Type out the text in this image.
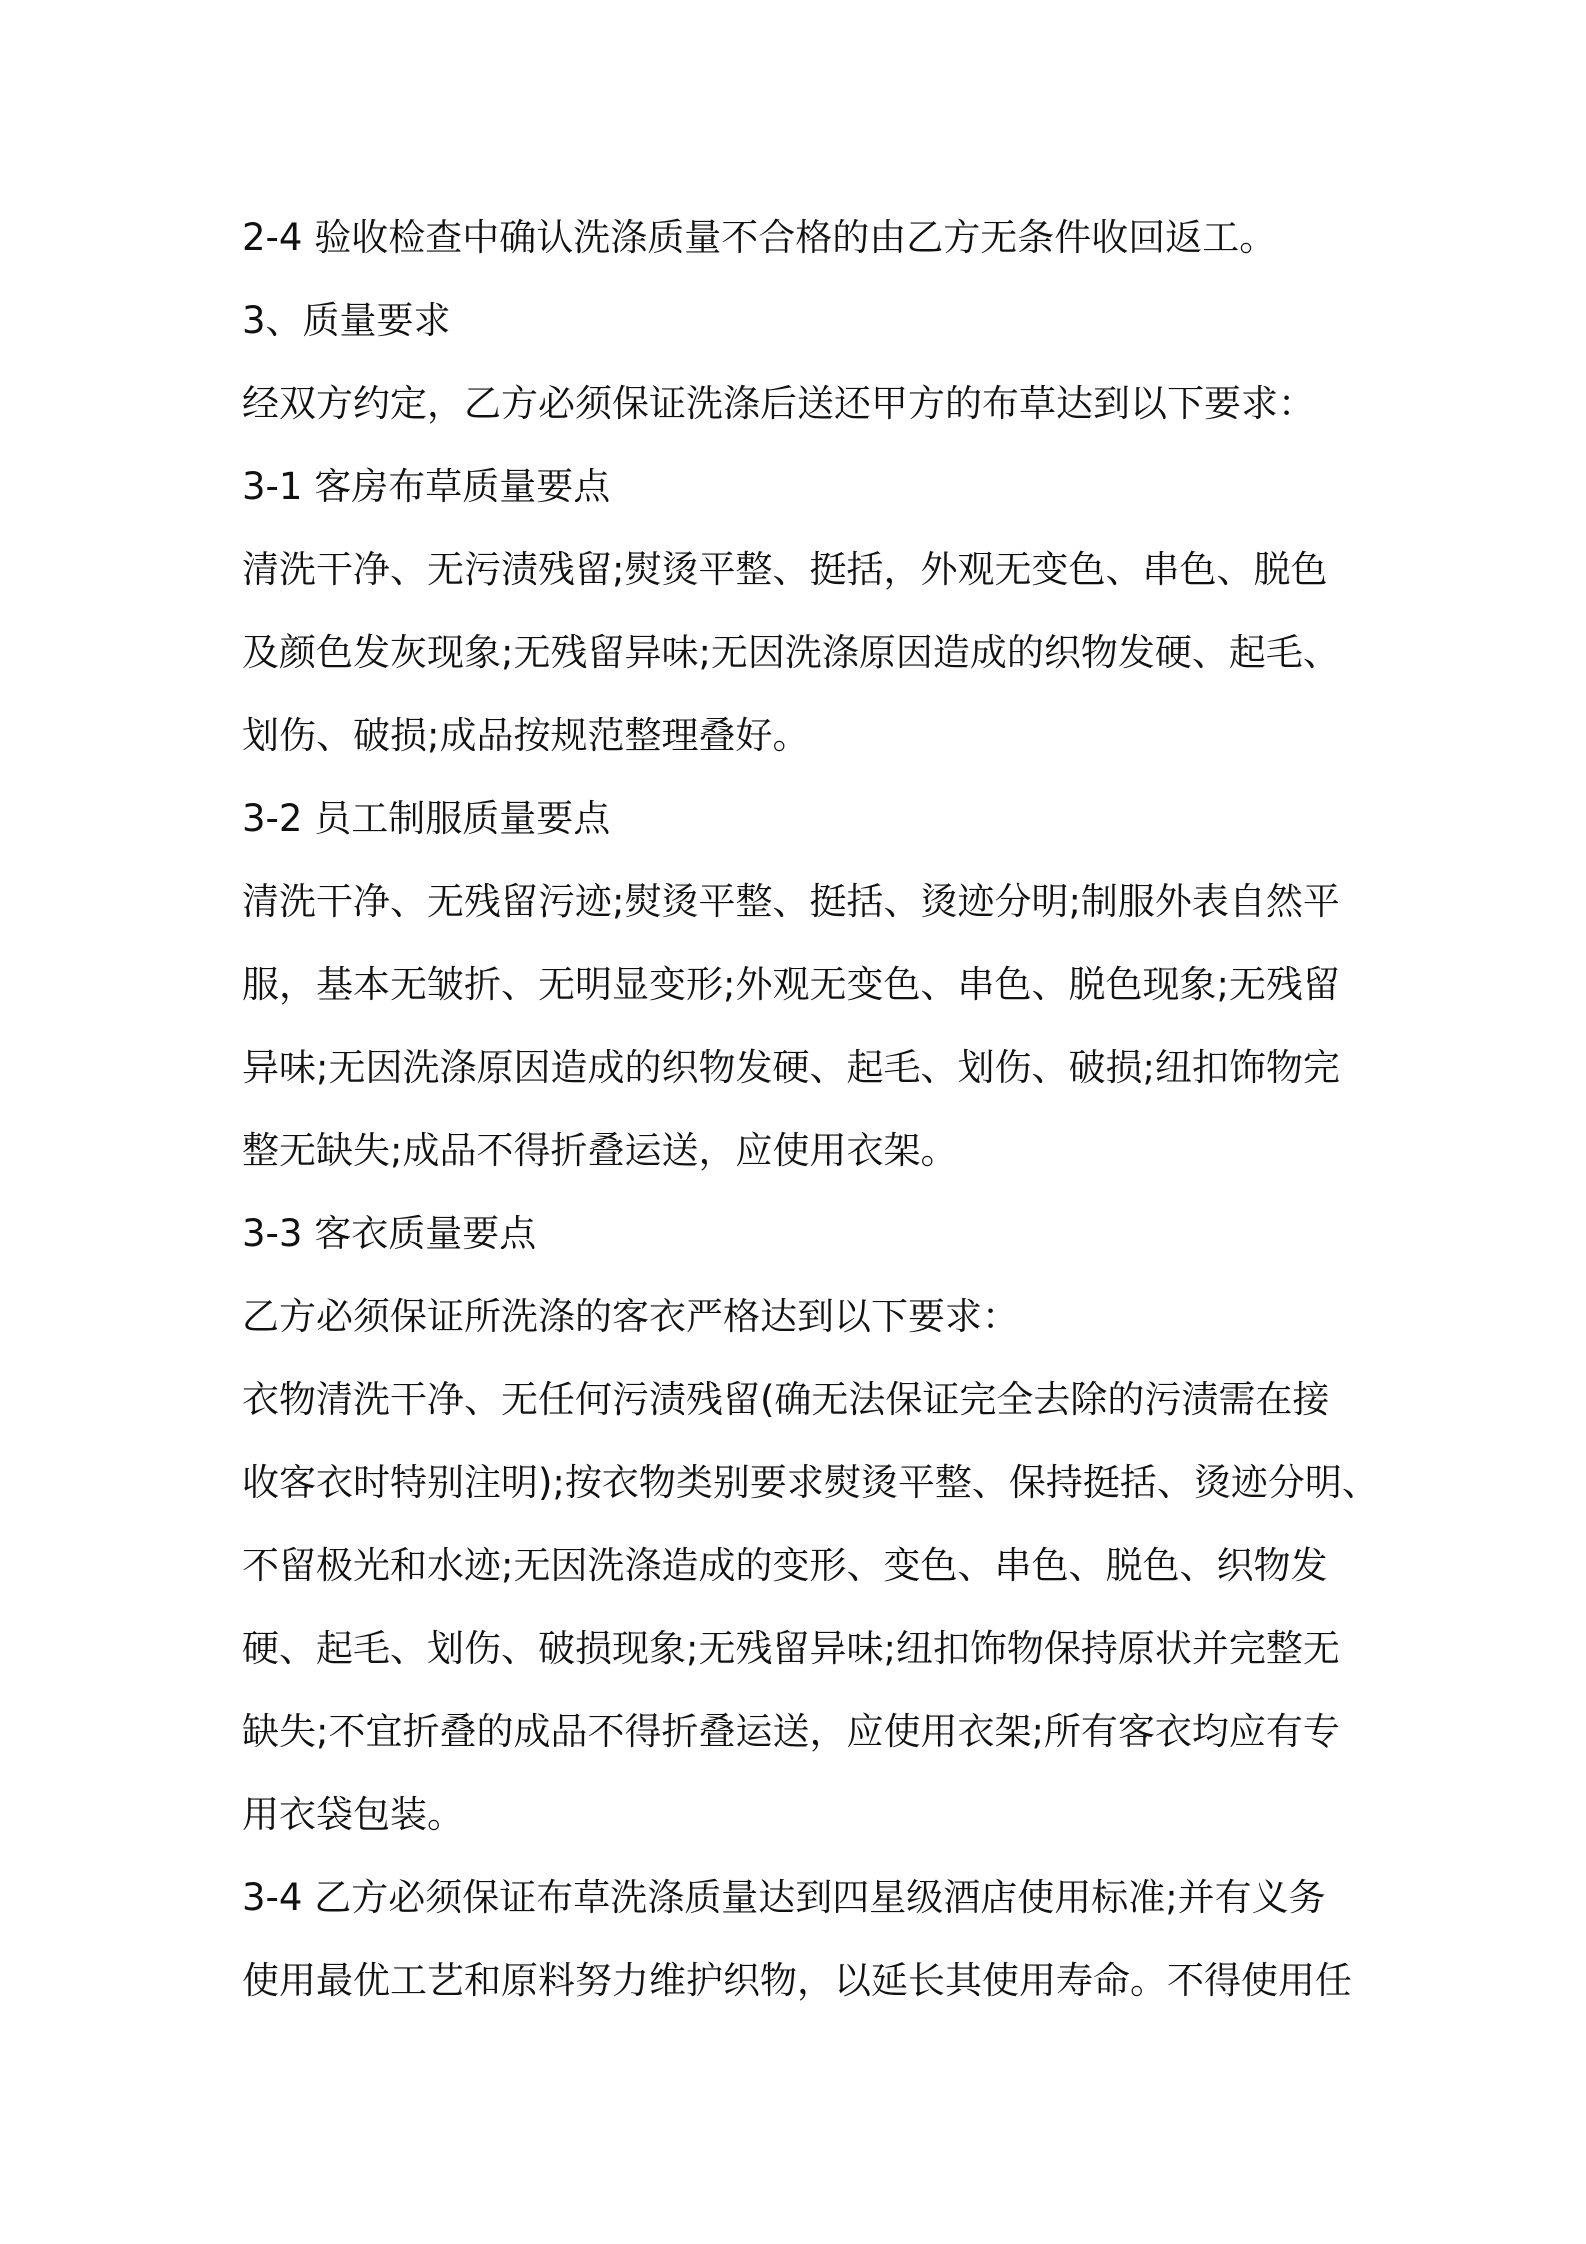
2-4 验收检查中确认洗涤质量不合格的由乙方无条件收回返工。
3、质量要求
经双方约定，乙方必须保证洗涤后送还甲方的布草达到以下要求：
3-1 客房布草质量要点
清洗干净、无污渍残留;熨烫平整、挺括，外观无变色、串色、脱色
及颜色发灰现象;无残留异味;无因洗涤原因造成的织物发硬、起毛、
划伤、破损;成品按规范整理叠好。
3-2 员工制服质量要点
清洗干净、无残留污迹;熨烫平整、挺括、烫迹分明;制服外表自然平
服，基本无皱折、无明显变形;外观无变色、串色、脱色现象;无残留
异味;无因洗涤原因造成的织物发硬、起毛、划伤、破损;纽扣饰物完
整无缺失;成品不得折叠运送，应使用衣架。
3-3 客衣质量要点
乙方必须保证所洗涤的客衣严格达到以下要求：
衣物清洗干净、无任何污渍残留(确无法保证完全去除的污渍需在接
收客衣时特别注明);按衣物类别要求熨烫平整、保持挺括、烫迹分明、
不留极光和水迹;无因洗涤造成的变形、变色、串色、脱色、织物发
硬、起毛、划伤、破损现象;无残留异味;纽扣饰物保持原状并完整无
缺失;不宜折叠的成品不得折叠运送，应使用衣架;所有客衣均应有专
用衣袋包装。
3-4 乙方必须保证布草洗涤质量达到四星级酒店使用标准;并有义务
使用最优工艺和原料努力维护织物，以延长其使用寿命。不得使用任
